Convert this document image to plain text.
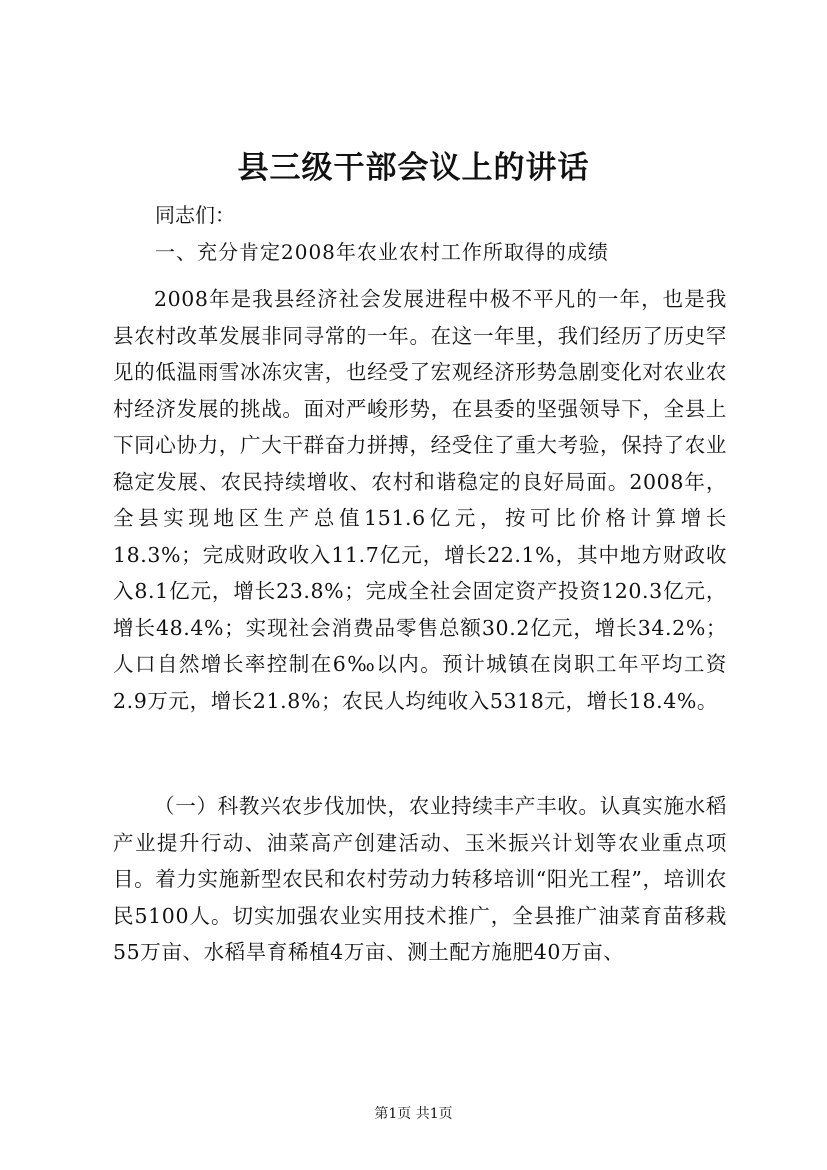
县三级干部会议上的讲话
同志们：
一、充分肯定2008年农业农村工作所取得的成绩
2008年是我县经济社会发展进程中极不平凡的一年，也是我县农村改革发展非同寻常的一年。在这一年里，我们经历了历史罕见的低温雨雪冰冻灾害，也经受了宏观经济形势急剧变化对农业农村经济发展的挑战。面对严峻形势，在县委的坚强领导下，全县上下同心协力，广大干群奋力拼搏，经受住了重大考验，保持了农业稳定发展、农民持续增收、农村和谐稳定的良好局面。2008年，全县实现地区生产总值151.6亿元，按可比价格计算增长18.3%；完成财政收入11.7亿元，增长22.1%，其中地方财政收入8.1亿元，增长23.8%；完成全社会固定资产投资120.3亿元，增长48.4%；实现社会消费品零售总额30.2亿元，增长34.2%；人口自然增长率控制在6‰以内。预计城镇在岗职工年平均工资2.9万元，增长21.8%；农民人均纯收入5318元，增长18.4%。
（一）科教兴农步伐加快，农业持续丰产丰收。认真实施水稻产业提升行动、油菜高产创建活动、玉米振兴计划等农业重点项目。着力实施新型农民和农村劳动力转移培训“阳光工程”，培训农民5100人。切实加强农业实用技术推广，全县推广油菜育苗移栽55万亩、水稻旱育稀植4万亩、测土配方施肥40万亩、
第1页 共1页
